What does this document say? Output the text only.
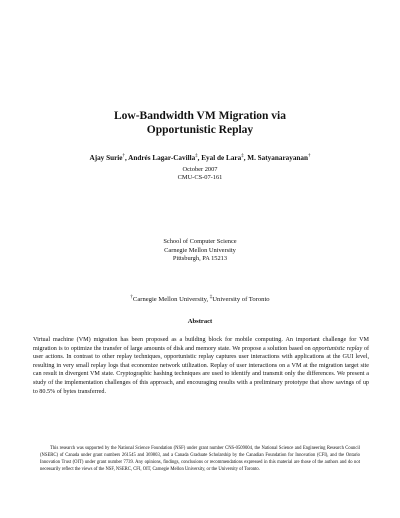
Low-Bandwidth VM Migration via
Opportunistic Replay
Ajay Surie†, Andrés Lagar-Cavilla‡, Eyal de Lara‡, M. Satyanarayanan†
October 2007
CMU-CS-07-161
School of Computer Science
Carnegie Mellon University
Pittsburgh, PA 15213
†Carnegie Mellon University, ‡University of Toronto
Abstract

Virtual machine (VM) migration has been proposed as a building block for mobile computing. An important challenge for VM migration is to optimize the transfer of large amounts of disk and memory state. We propose a solution based on opportunistic replay of user actions. In contrast to other replay techniques, opportunistic replay captures user interactions with applications at the GUI level, resulting in very small replay logs that economize network utilization. Replay of user interactions on a VM at the migration target site can result in divergent VM state. Cryptographic hashing techniques are used to identify and transmit only the differences. We present a study of the implementation challenges of this approach, and encouraging results with a preliminary prototype that show savings of up to 80.5% of bytes transferred.

This research was supported by the National Science Foundation (NSF) under grant number CNS-0509004, the National Science and Engineering Research Council (NSERC) of Canada under grant numbers 261545 and 369803, and a Canada Graduate Scholarship by the Canadian Foundation for Innovation (CFI), and the Ontario Innovation Trust (OIT) under grant number 7739. Any opinions, findings, conclusions or recommendations expressed in this material are those of the authors and do not necessarily reflect the views of the NSF, NSERC, CFI, OIT, Carnegie Mellon University, or the University of Toronto.
